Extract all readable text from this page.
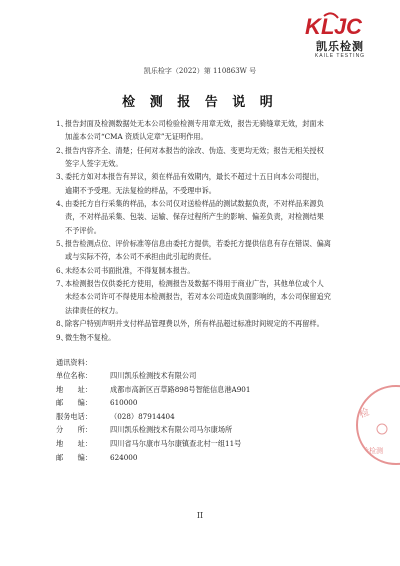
K L J C
凯乐检测
KAILE TESTING
凯乐检字（2022）第 110863W 号
检 测 报 告 说 明
1、
报告封面及检测数据处无本公司检验检测专用章无效，报告无骑缝章无效，封面未
加盖本公司“CMA 资质认定章”无证明作用。
2、
报告内容齐全、清楚；任何对本报告的涂改、伪造、变更均无效；报告无相关授权
签字人签字无效。
3、
委托方如对本报告有异议，须在样品有效期内，最长不超过十五日向本公司提出，
逾期不予受理。无法复检的样品，不受理申诉。
4、
由委托方自行采集的样品，本公司仅对送检样品的测试数据负责，不对样品来源负
责，不对样品采集、包装、运输、保存过程所产生的影响、偏差负责，对检测结果
不予评价。
5、
报告检测点位、评价标准等信息由委托方提供，若委托方提供信息有存在错误、偏离
或与实际不符，本公司不承担由此引起的责任。
6、
未经本公司书面批准，不得复制本报告。
7、
本检测报告仅供委托方使用，检测报告及数据不得用于商业广告，其他单位或个人
未经本公司许可不得使用本检测报告，若对本公司造成负面影响的，本公司保留追究
法律责任的权力。
8、
除客户特别声明并支付样品管理费以外，所有样品超过标准时间规定的不再留样。
9、
微生物不复检。
通讯资料：
单位名称：	四川凯乐检测技术有限公司
地　　址：	成都市高新区百草路898号智能信息港A901
邮　　编：	610000
服务电话：	（028）87914404
分　　所：	四川凯乐检测技术有限公司马尔康场所
地　　址：	四川省马尔康市马尔康镇查北村一组11号
邮　　编：	624000
检
验检测
II
